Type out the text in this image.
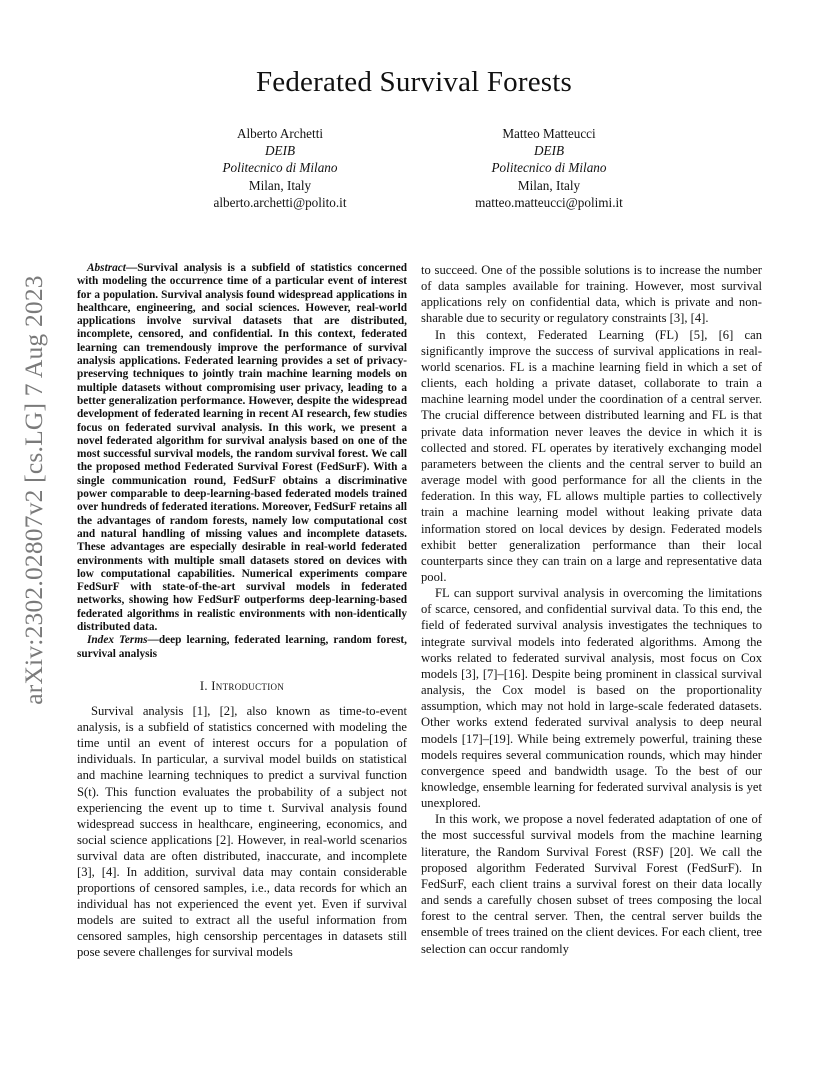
arXiv:2302.02807v2 [cs.LG] 7 Aug 2023
Federated Survival Forests
Alberto Archetti
DEIB
Politecnico di Milano
Milan, Italy
alberto.archetti@polito.it
Matteo Matteucci
DEIB
Politecnico di Milano
Milan, Italy
matteo.matteucci@polimi.it

Abstract—Survival analysis is a subfield of statistics concerned with modeling the occurrence time of a particular event of interest for a population. Survival analysis found widespread applications in healthcare, engineering, and social sciences. However, real-world applications involve survival datasets that are distributed, incomplete, censored, and confidential. In this context, federated learning can tremendously improve the performance of survival analysis applications. Federated learning provides a set of privacy-preserving techniques to jointly train machine learning models on multiple datasets without compromising user privacy, leading to a better generalization performance. However, despite the widespread development of federated learning in recent AI research, few studies focus on federated survival analysis. In this work, we present a novel federated algorithm for survival analysis based on one of the most successful survival models, the random survival forest. We call the proposed method Federated Survival Forest (FedSurF). With a single communication round, FedSurF obtains a discriminative power comparable to deep-learning-based federated models trained over hundreds of federated iterations. Moreover, FedSurF retains all the advantages of random forests, namely low computational cost and natural handling of missing values and incomplete datasets. These advantages are especially desirable in real-world federated environments with multiple small datasets stored on devices with low computational capabilities. Numerical experiments compare FedSurF with state-of-the-art survival models in federated networks, showing how FedSurF outperforms deep-learning-based federated algorithms in realistic environments with non-identically distributed data.

Index Terms—deep learning, federated learning, random forest, survival analysis

I. Introduction

Survival analysis [1], [2], also known as time-to-event analysis, is a subfield of statistics concerned with modeling the time until an event of interest occurs for a population of individuals. In particular, a survival model builds on statistical and machine learning techniques to predict a survival function S(t). This function evaluates the probability of a subject not experiencing the event up to time t. Survival analysis found widespread success in healthcare, engineering, economics, and social science applications [2]. However, in real-world scenarios survival data are often distributed, inaccurate, and incomplete [3], [4]. In addition, survival data may contain considerable proportions of censored samples, i.e., data records for which an individual has not experienced the event yet. Even if survival models are suited to extract all the useful information from censored samples, high censorship percentages in datasets still pose severe challenges for survival models

to succeed. One of the possible solutions is to increase the number of data samples available for training. However, most survival applications rely on confidential data, which is private and non-sharable due to security or regulatory constraints [3], [4].

In this context, Federated Learning (FL) [5], [6] can significantly improve the success of survival applications in real-world scenarios. FL is a machine learning field in which a set of clients, each holding a private dataset, collaborate to train a machine learning model under the coordination of a central server. The crucial difference between distributed learning and FL is that private data information never leaves the device in which it is collected and stored. FL operates by iteratively exchanging model parameters between the clients and the central server to build an average model with good performance for all the clients in the federation. In this way, FL allows multiple parties to collectively train a machine learning model without leaking private data information stored on local devices by design. Federated models exhibit better generalization performance than their local counterparts since they can train on a large and representative data pool.

FL can support survival analysis in overcoming the limitations of scarce, censored, and confidential survival data. To this end, the field of federated survival analysis investigates the techniques to integrate survival models into federated algorithms. Among the works related to federated survival analysis, most focus on Cox models [3], [7]–[16]. Despite being prominent in classical survival analysis, the Cox model is based on the proportionality assumption, which may not hold in large-scale federated datasets. Other works extend federated survival analysis to deep neural models [17]–[19]. While being extremely powerful, training these models requires several communication rounds, which may hinder convergence speed and bandwidth usage. To the best of our knowledge, ensemble learning for federated survival analysis is yet unexplored.

In this work, we propose a novel federated adaptation of one of the most successful survival models from the machine learning literature, the Random Survival Forest (RSF) [20]. We call the proposed algorithm Federated Survival Forest (FedSurF). In FedSurF, each client trains a survival forest on their data locally and sends a carefully chosen subset of trees composing the local forest to the central server. Then, the central server builds the ensemble of trees trained on the client devices. For each client, tree selection can occur randomly
